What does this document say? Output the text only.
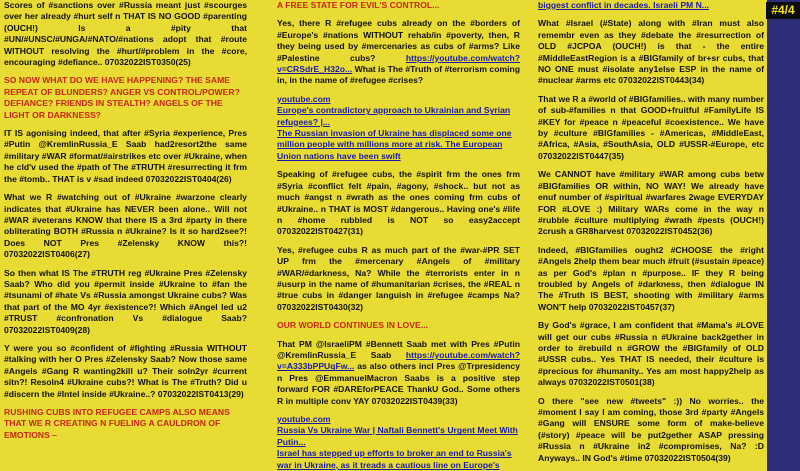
Scores of #sanctions over #Russia meant just #scourges over her already #hurt self n THAT IS NO GOOD #parenting (OUCH!) Is a #pity that #UN/#UNSC/#UNGA/#NATO/#nations adopt that #route WITHOUT resolving the #hurt/#problem in the #core, encouraging #defiance.. 07032022IST0350(25)

SO NOW WHAT DO WE HAVE HAPPENING? THE SAME REPEAT OF BLUNDERS? ANGER VS CONTROL/POWER? DEFIANCE? FRIENDS IN STEALTH? ANGELS OF THE LIGHT OR DARKNESS?

IT IS agonising indeed, that after #Syria #experience, Pres #Putin @KremlinRussia_E Saab had2resort2the same #military #WAR #format/#airstrikes etc over #Ukraine, when he cld'v used the #path of The #TRUTH #resurrecting it frm the #tomb.. THAT is v #sad indeed 07032022IST0404(26)

What we R #watching out of #Ukraine #warzone clearly indicates that #Ukraine has NEVER been alone.. Will not #WAR #veterans KNOW that there IS a 3rd #party in there obliterating BOTH #Russia n #Ukraine? Is it so hard2see?! Does NOT Pres #Zelensky KNOW this?! 07032022IST0406(27)

So then what IS The #TRUTH reg #Ukraine Pres #Zelensky Saab? Who did you #permit inside #Ukraine to #fan the #tsunami of #hate Vs #Russia amongst Ukraine cubs? Was that part of the MO 4yr #existence?! Which #Angel led u2 #TRUST #confronation Vs #dialogue Saab? 07032022IST0409(28)

Y were you so #confident of #fighting #Russia WITHOUT #talking with her O Pres #Zelensky Saab? Now those same #Angels #Gang R wanting2kill u? Their soln2yr #current sitn?! Resoln4 #Ukraine cubs?! What is The #Truth? Did u #discern the #Intel inside #Ukraine..? 07032022IST0413(29)

RUSHING CUBS INTO REFUGEE CAMPS ALSO MEANS THAT WE R CREATING N FUELING A CAULDRON OF EMOTIONS –

A FREE STATE FOR EVIL'S CONTROL...

Yes, there R #refugee cubs already on the #borders of #Europe's #nations WITHOUT rehab/in #poverty, then, R they being used by #mercenaries as cubs of #arms? Like #Palestine cubs?	https://youtube.com/watch?v=CRSdrE_H32o... What is The #Truth of #terrorism coming in, in the name of #refugee #crises?

youtube.com
Europe's contradictory approach to Ukrainian and Syrian refugees? |...
The Russian invasion of Ukraine has displaced some one million people with millions more at risk. The European Union nations have been swift

Speaking of #refugee cubs, the #spirit frm the ones frm #Syria #conflict felt #pain, #agony, #shock.. but not as much #angst n #wrath as the ones coming frm cubs of #Ukraine.. n THAT is MOST #dangerous.. Having one's #life n #home rubbled is NOT so easy2accept 07032022IST0427(31)

Yes, #refugee cubs R as much part of the #war-#PR SET UP frm the #mercenary #Angels of #military #WAR/#darkness, Na? While the #terrorists enter in n #usurp in the name of #humanitarian #crises, the #REAL n #true cubs in #danger languish in #refugee #camps Na? 07032022IST0430(32)

OUR WORLD CONTINUES IN LOVE...

That PM @IsraeliPM #Bennett Saab met with Pres #Putin @KremlinRussia_E Saab https://youtube.com/watch?v=A333bPPUqFw... as also others incl Pres @Trpresidency n Pres @EmmanuelMacron Saabs is a positive step forward FOR #DAREforPEACE ThankU God.. Some others R in multiple conv YAY 07032022IST0439(33)

youtube.com
Russia Vs Ukraine War | Naftali Bennett's Urgent Meet With Putin...
Israel has stepped up efforts to broker an end to Russia's war in Ukraine, as it treads a cautious line on Europe's

biggest conflict in decades. Israeli PM N...

What #Israel (#State) along with #Iran must also remembr even as they #debate the #resurrection of OLD #JCPOA (OUCH!) is that - the entire #MiddleEastRegion is a #BIGfamily of br+sr cubs, that NO ONE must #isolate any1else ESP in the name of #nuclear #arms etc 07032022IST0443(34)

That we R a #world of #BIGfamilies.. with many number of sub-#families n that GOOD+fruitful #FamilyLife IS #KEY for #peace n #peaceful #coexistence.. We have by #culture #BIGfamilies - #Americas, #MiddleEast, #Africa, #Asia, #SouthAsia, OLD #USSR-#Europe, etc 07032022IST0447(35)

We CANNOT have #military #WAR among cubs betw #BIGfamilies OR within, NO WAY! We already have enuf number of #spiritual #warfares 2wage EVERYDAY FOR #LOVE :) Military WARs come in the way n #rubble #culture multiplying #wrath #pests (OUCH!) 2crush a GR8harvest 07032022IST0452(36)

Indeed, #BIGfamilies ought2 #CHOOSE the #right #Angels 2help them bear much #fruit (#sustain #peace) as per God's #plan n #purpose.. IF they R being troubled by Angels of #darkness, then #dialogue IN The #Truth IS BEST, shooting with #military #arms WON'T help 07032022IST0457(37)

By God's #grace, I am confident that #Mama's #LOVE will get our cubs #Russia n #Ukraine back2gether in order to #rebuild n #GROW the #BIGfamily of OLD #USSR cubs.. Yes THAT IS needed, their #culture is #precious for #humanity.. Yes am most happy2help as always 07032022IST0501(38)

O there "see new #tweets" :)) No worries.. the #moment I say I am coming, those 3rd #party #Angels #Gang will ENSURE some form of make-believe (#story) #peace will be put2gether ASAP pressing #Russia n #Ukraine in2 #compromises, Na? :D Anyways.. IN God's #time 07032022IST0504(39)

#4/4
